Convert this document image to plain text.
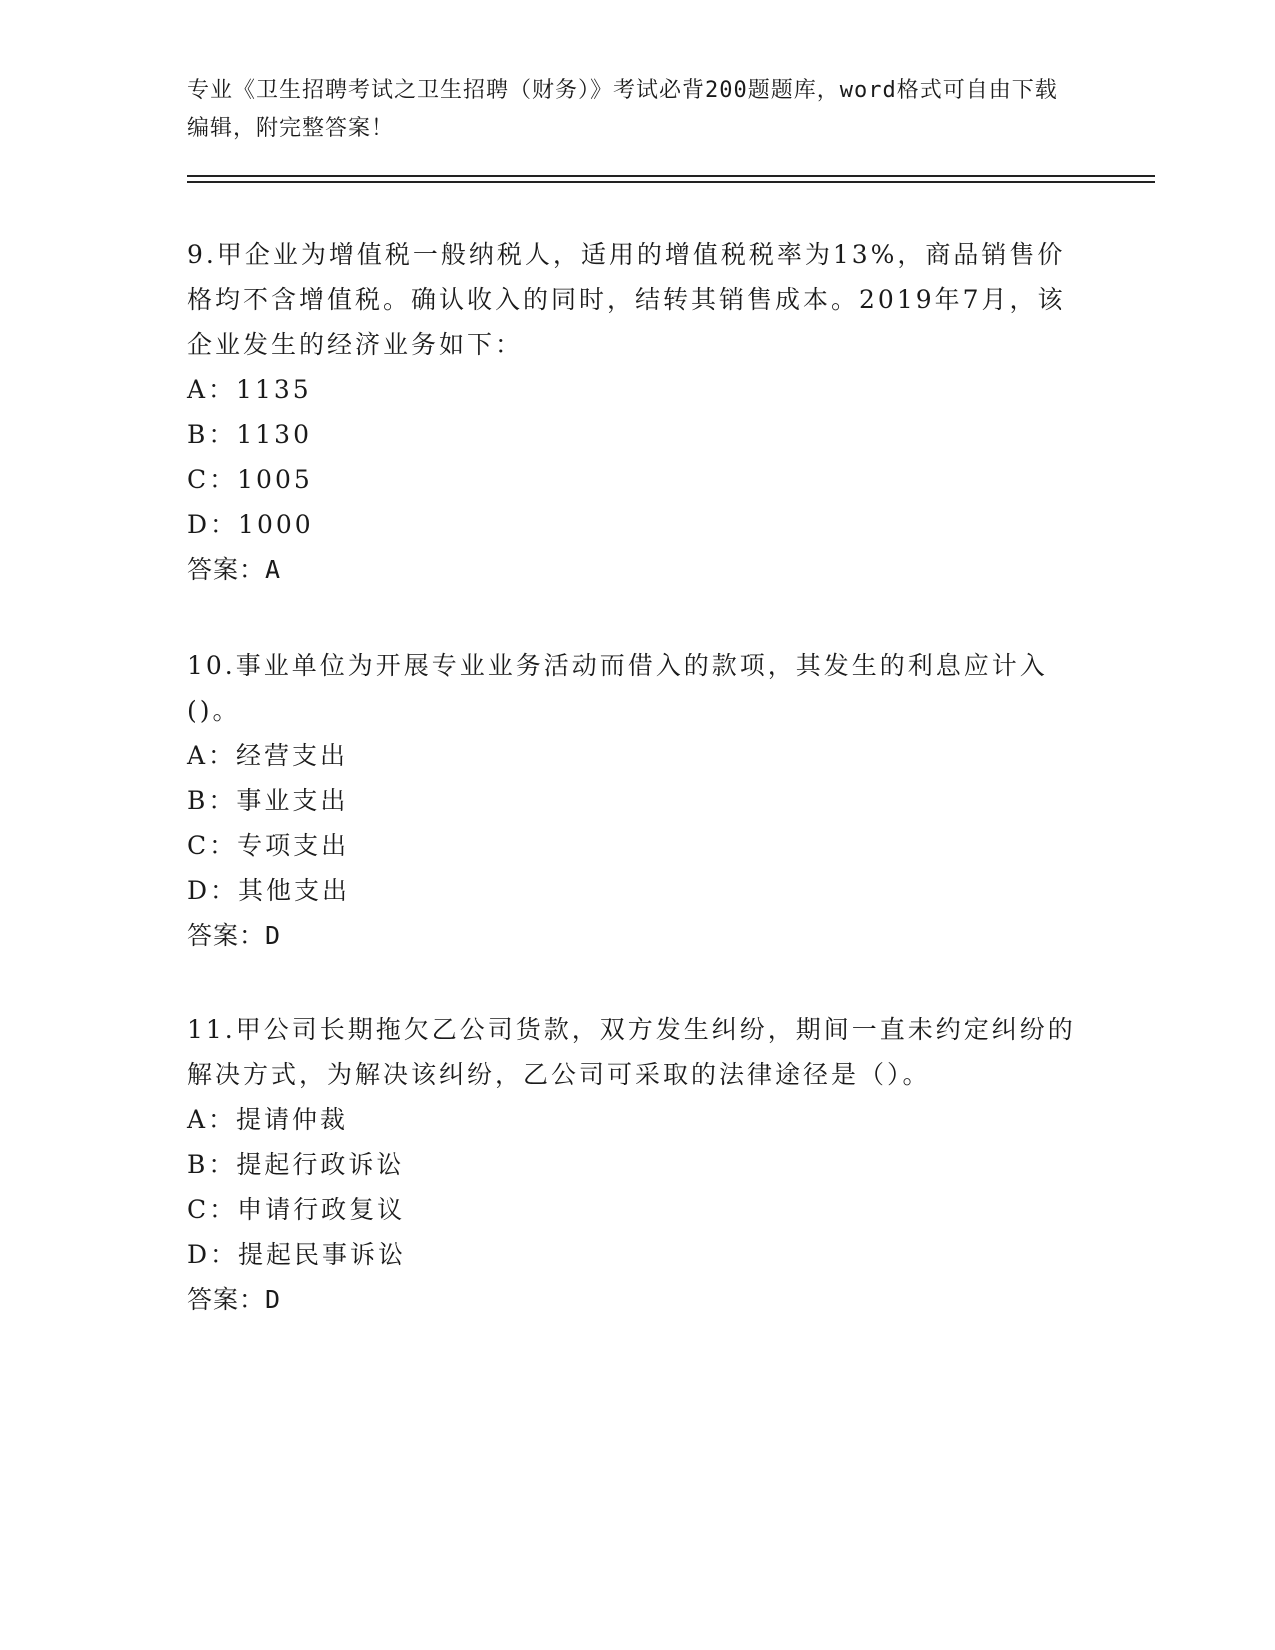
专业《卫生招聘考试之卫生招聘（财务）》考试必背200题题库，word格式可自由下载编辑，附完整答案！

9.甲企业为增值税一般纳税人，适用的增值税税率为13%，商品销售价格均不含增值税。确认收入的同时，结转其销售成本。2019年7月，该企业发生的经济业务如下：

A：1135

B：1130

C：1005

D：1000

答案：A

10.事业单位为开展专业业务活动而借入的款项，其发生的利息应计入()。

A：经营支出

B：事业支出

C：专项支出

D：其他支出

答案：D

11.甲公司长期拖欠乙公司货款，双方发生纠纷，期间一直未约定纠纷的解决方式，为解决该纠纷，乙公司可采取的法律途径是（）。

A：提请仲裁

B：提起行政诉讼

C：申请行政复议

D：提起民事诉讼

答案：D
